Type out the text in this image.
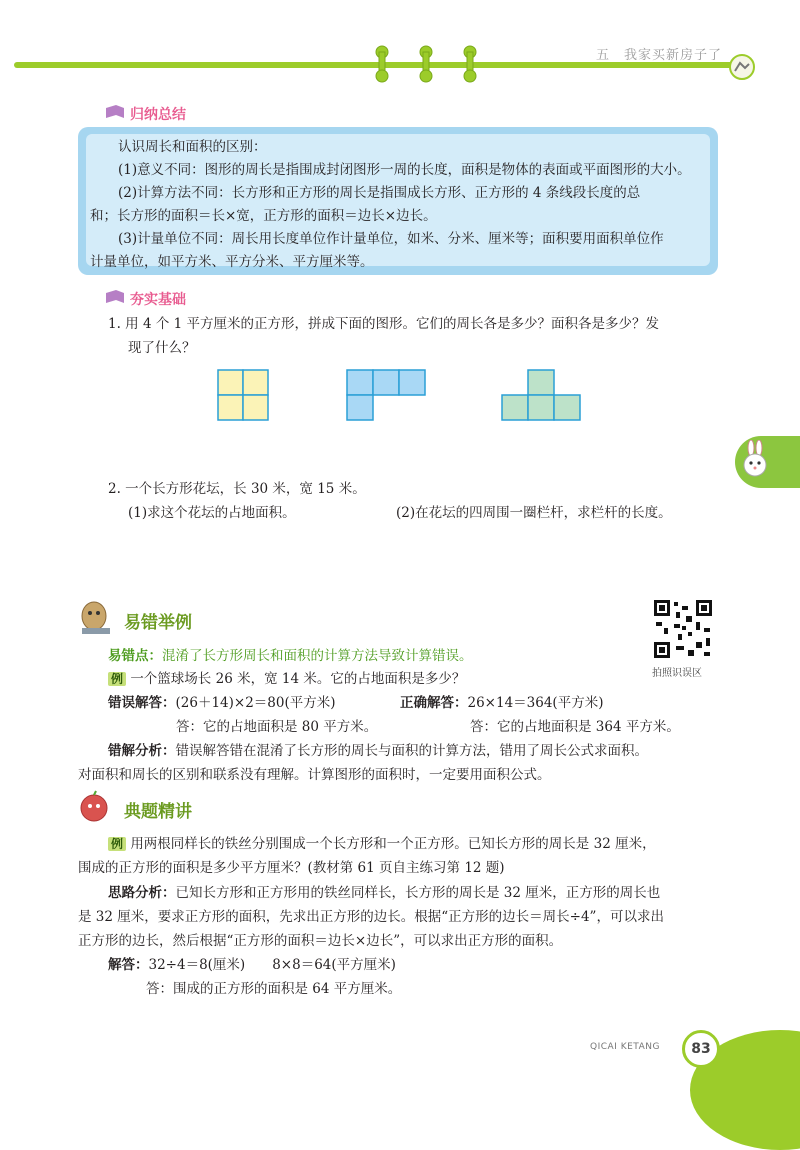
五　我家买新房子了
归纳总结
认识周长和面积的区别：
(1)意义不同：图形的周长是指围成封闭图形一周的长度，面积是物体的表面或平面图形的大小。
(2)计算方法不同：长方形和正方形的周长是指围成长方形、正方形的 4 条线段长度的总
和；长方形的面积＝长×宽，正方形的面积＝边长×边长。
(3)计量单位不同：周长用长度单位作计量单位，如米、分米、厘米等；面积要用面积单位作
计量单位，如平方米、平方分米、平方厘米等。
夯实基础
1. 用 4 个 1 平方厘米的正方形，拼成下面的图形。它们的周长各是多少？面积各是多少？发
现了什么？
2. 一个长方形花坛，长 30 米，宽 15 米。
(1)求这个花坛的占地面积。	(2)在花坛的四周围一圈栏杆，求栏杆的长度。
易错举例
拍照识误区
易错点：混淆了长方形周长和面积的计算方法导致计算错误。
例 一个篮球场长 26 米，宽 14 米。它的占地面积是多少？
错误解答：(26＋14)×2＝80(平方米)	正确解答：26×14＝364(平方米)
答：它的占地面积是 80 平方米。	答：它的占地面积是 364 平方米。
错解分析：错误解答错在混淆了长方形的周长与面积的计算方法，错用了周长公式求面积。
对面积和周长的区别和联系没有理解。计算图形的面积时，一定要用面积公式。
典题精讲
例 用两根同样长的铁丝分别围成一个长方形和一个正方形。已知长方形的周长是 32 厘米，
围成的正方形的面积是多少平方厘米？(教材第 61 页自主练习第 12 题)
思路分析：已知长方形和正方形用的铁丝同样长，长方形的周长是 32 厘米，正方形的周长也
是 32 厘米，要求正方形的面积，先求出正方形的边长。根据“正方形的边长＝周长÷4”，可以求出
正方形的边长，然后根据“正方形的面积＝边长×边长”，可以求出正方形的面积。
解答：32÷4＝8(厘米)　　8×8＝64(平方厘米)
答：围成的正方形的面积是 64 平方厘米。
QICAI KETANG	83
